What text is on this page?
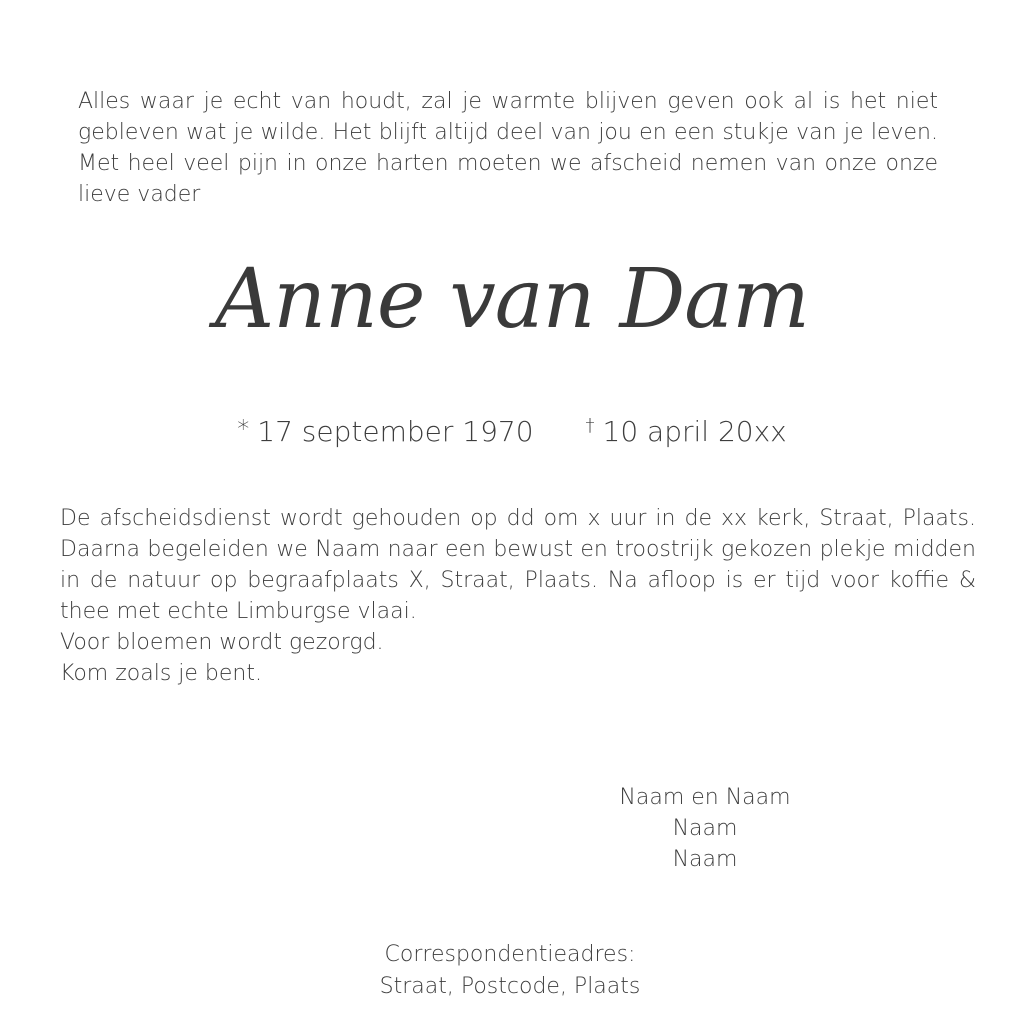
Alles waar je echt van houdt, zal je warmte blijven geven ook al is het niet
gebleven wat je wilde. Het blijft altijd deel van jou en een stukje van je leven.
Met heel veel pijn in onze harten moeten we afscheid nemen van onze onze
lieve vader
Anne van Dam
* 17 september 1970	† 10 april 20xx
De afscheidsdienst wordt gehouden op dd om x uur in de xx kerk, Straat, Plaats.
Daarna begeleiden we Naam naar een bewust en troostrijk gekozen plekje midden
in de natuur op begraafplaats X, Straat, Plaats. Na afloop is er tijd voor koffie &
thee met echte Limburgse vlaai.
Voor bloemen wordt gezorgd.
Kom zoals je bent.
Naam en Naam
Naam
Naam
Correspondentieadres:
Straat, Postcode, Plaats
